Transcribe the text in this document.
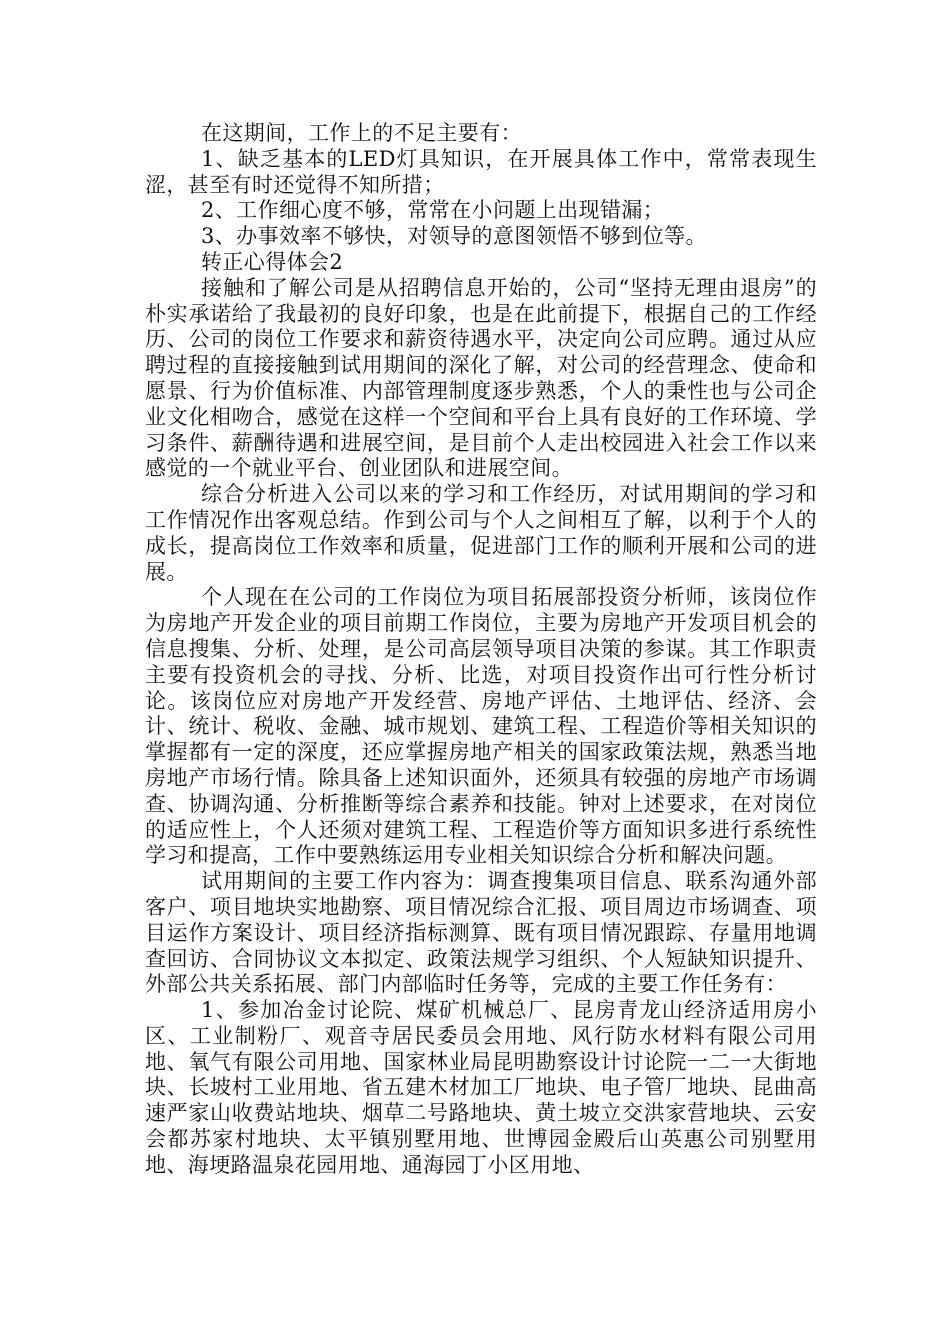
在这期间，工作上的不足主要有：

1、缺乏基本的LED灯具知识，在开展具体工作中，常常表现生涩，甚至有时还觉得不知所措；

2、工作细心度不够，常常在小问题上出现错漏；

3、办事效率不够快，对领导的意图领悟不够到位等。

转正心得体会2

接触和了解公司是从招聘信息开始的，公司“坚持无理由退房”的朴实承诺给了我最初的良好印象，也是在此前提下，根据自己的工作经历、公司的岗位工作要求和薪资待遇水平，决定向公司应聘。通过从应聘过程的直接接触到试用期间的深化了解，对公司的经营理念、使命和愿景、行为价值标准、内部管理制度逐步熟悉，个人的秉性也与公司企业文化相吻合，感觉在这样一个空间和平台上具有良好的工作环境、学习条件、薪酬待遇和进展空间，是目前个人走出校园进入社会工作以来感觉的一个就业平台、创业团队和进展空间。

综合分析进入公司以来的学习和工作经历，对试用期间的学习和工作情况作出客观总结。作到公司与个人之间相互了解，以利于个人的成长，提高岗位工作效率和质量，促进部门工作的顺利开展和公司的进展。

个人现在在公司的工作岗位为项目拓展部投资分析师，该岗位作为房地产开发企业的项目前期工作岗位，主要为房地产开发项目机会的信息搜集、分析、处理，是公司高层领导项目决策的参谋。其工作职责主要有投资机会的寻找、分析、比选，对项目投资作出可行性分析讨论。该岗位应对房地产开发经营、房地产评估、土地评估、经济、会计、统计、税收、金融、城市规划、建筑工程、工程造价等相关知识的掌握都有一定的深度，还应掌握房地产相关的国家政策法规，熟悉当地房地产市场行情。除具备上述知识面外，还须具有较强的房地产市场调查、协调沟通、分析推断等综合素养和技能。钟对上述要求，在对岗位的适应性上，个人还须对建筑工程、工程造价等方面知识多进行系统性学习和提高，工作中要熟练运用专业相关知识综合分析和解决问题。

试用期间的主要工作内容为：调查搜集项目信息、联系沟通外部客户、项目地块实地勘察、项目情况综合汇报、项目周边市场调查、项目运作方案设计、项目经济指标测算、既有项目情况跟踪、存量用地调查回访、合同协议文本拟定、政策法规学习组织、个人短缺知识提升、外部公共关系拓展、部门内部临时任务等，完成的主要工作任务有：

1、参加冶金讨论院、煤矿机械总厂、昆房青龙山经济适用房小区、工业制粉厂、观音寺居民委员会用地、风行防水材料有限公司用地、氧气有限公司用地、国家林业局昆明勘察设计讨论院一二一大街地块、长坡村工业用地、省五建木材加工厂地块、电子管厂地块、昆曲高速严家山收费站地块、烟草二号路地块、黄土坡立交洪家营地块、云安会都苏家村地块、太平镇别墅用地、世博园金殿后山英惠公司别墅用地、海埂路温泉花园用地、通海园丁小区用地、
